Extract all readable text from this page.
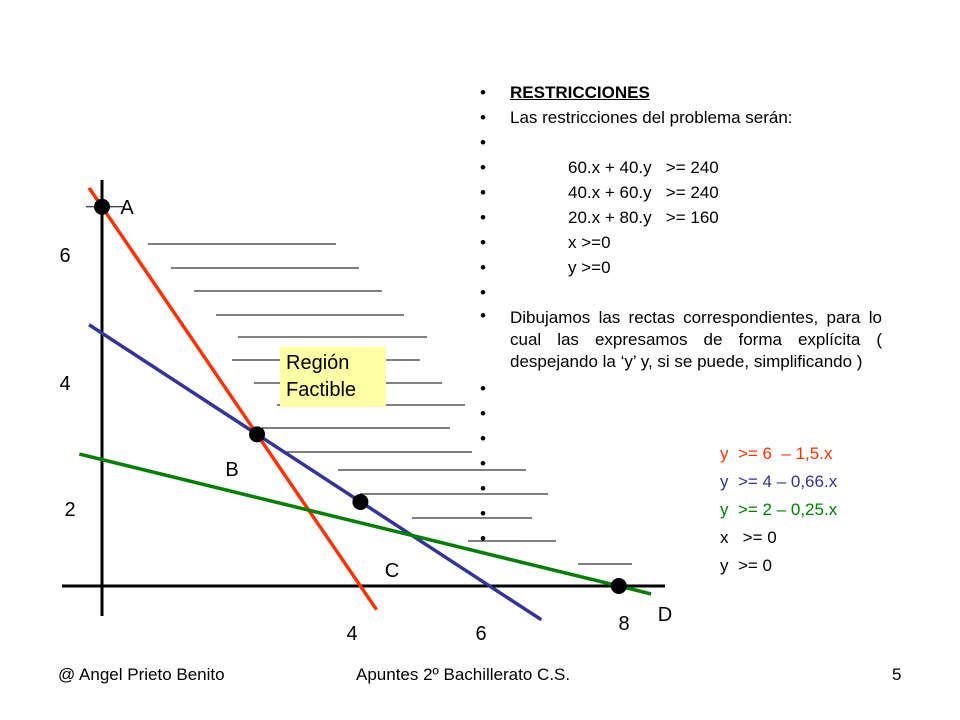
4	6	8
2
4
6
A
B
C
D
Región
Factible
• RESTRICCIONES
• Las restricciones del problema serán:
•
• 60.x + 40.y   >= 240
• 40.x + 60.y   >= 240
• 20.x + 80.y   >= 160
• x >=0
• y >=0
•
• Dibujamos las rectas correspondientes, para lo cual las expresamos de forma explícita ( despejando la ‘y’ y, si se puede, simplificando )
•
•
•
•
•
•
•
y  >= 6  – 1,5.x
y  >= 4 – 0,66.x
y  >= 2 – 0,25.x
x   >= 0
y  >= 0
@ Angel Prieto Benito	Apuntes 2º Bachillerato C.S.	5
